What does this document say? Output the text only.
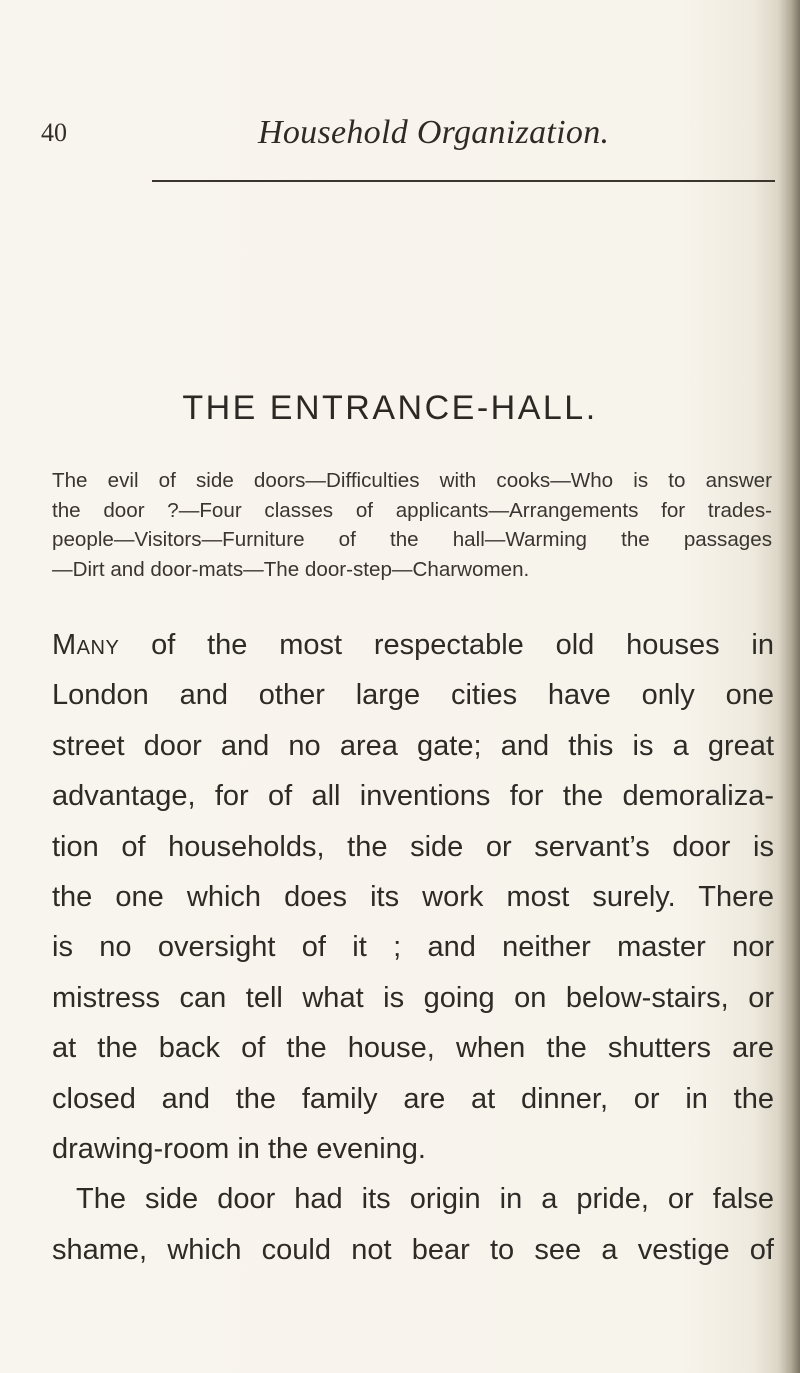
40	Household Organization.
THE ENTRANCE-HALL.
The evil of side doors—Difficulties with cooks—Who is to answer
the door ?—Four classes of applicants—Arrangements for trades-
people—Visitors—Furniture of the hall—Warming the passages
—Dirt and door-mats—The door-step—Charwomen.
Many of the most respectable old houses in
London and other large cities have only one
street door and no area gate; and this is a great
advantage, for of all inventions for the demoraliza-
tion of households, the side or servant’s door is
the one which does its work most surely. There
is no oversight of it ; and neither master nor
mistress can tell what is going on below-stairs, or
at the back of the house, when the shutters are
closed and the family are at dinner, or in the
drawing-room in the evening.
The side door had its origin in a pride, or false
shame, which could not bear to see a vestige of
